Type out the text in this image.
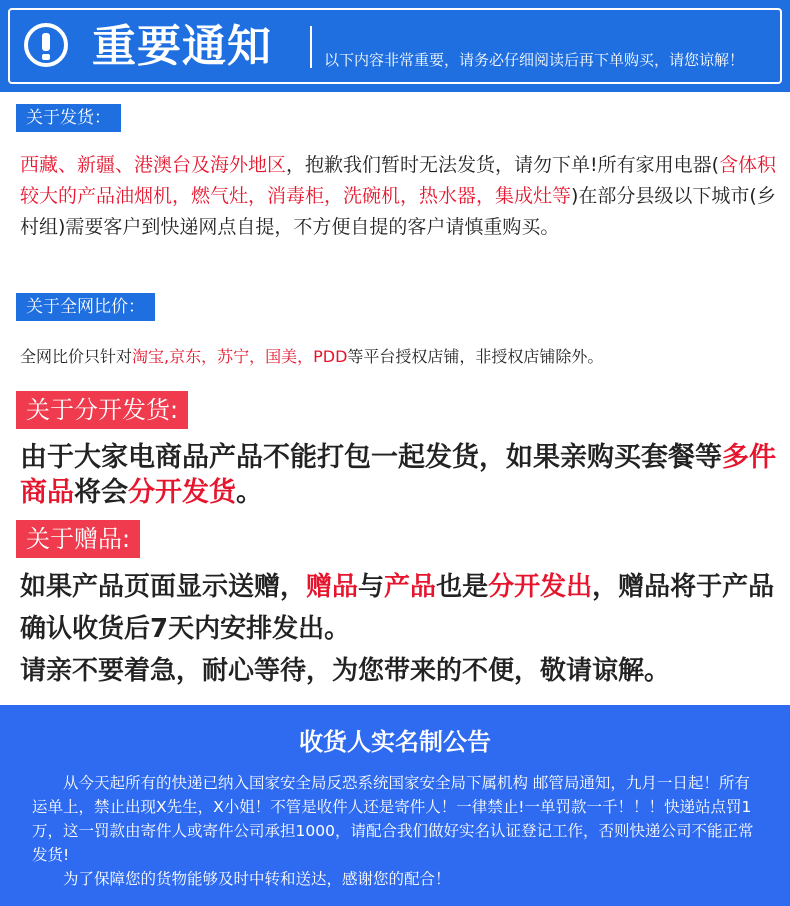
重要通知	以下内容非常重要，请务必仔细阅读后再下单购买，请您谅解！
关于发货：
西藏、新疆、港澳台及海外地区，抱歉我们暂时无法发货，请勿下单!所有家用电器(含体积较大的产品油烟机，燃气灶，消毒柜，洗碗机，热水器，集成灶等)在部分县级以下城市(乡村组)需要客户到快递网点自提，不方便自提的客户请慎重购买。
关于全网比价：
全网比价只针对淘宝,京东，苏宁，国美，PDD等平台授权店铺，非授权店铺除外。
关于分开发货:
由于大家电商品产品不能打包一起发货，如果亲购买套餐等多件商品将会分开发货。
关于赠品:
如果产品页面显示送赠，赠品与产品也是分开发出，赠品将于产品确认收货后7天内安排发出。
请亲不要着急，耐心等待，为您带来的不便，敬请谅解。
收货人实名制公告
从今天起所有的快递已纳入国家安全局反恐系统国家安全局下属机构 邮管局通知，九月一日起！所有运单上，禁止出现X先生，X小姐！不管是收件人还是寄件人！一律禁止!一单罚款一千！！！快递站点罚1万，这一罚款由寄件人或寄件公司承担1000，请配合我们做好实名认证登记工作，否则快递公司不能正常发货!
为了保障您的货物能够及时中转和送达，感谢您的配合！
